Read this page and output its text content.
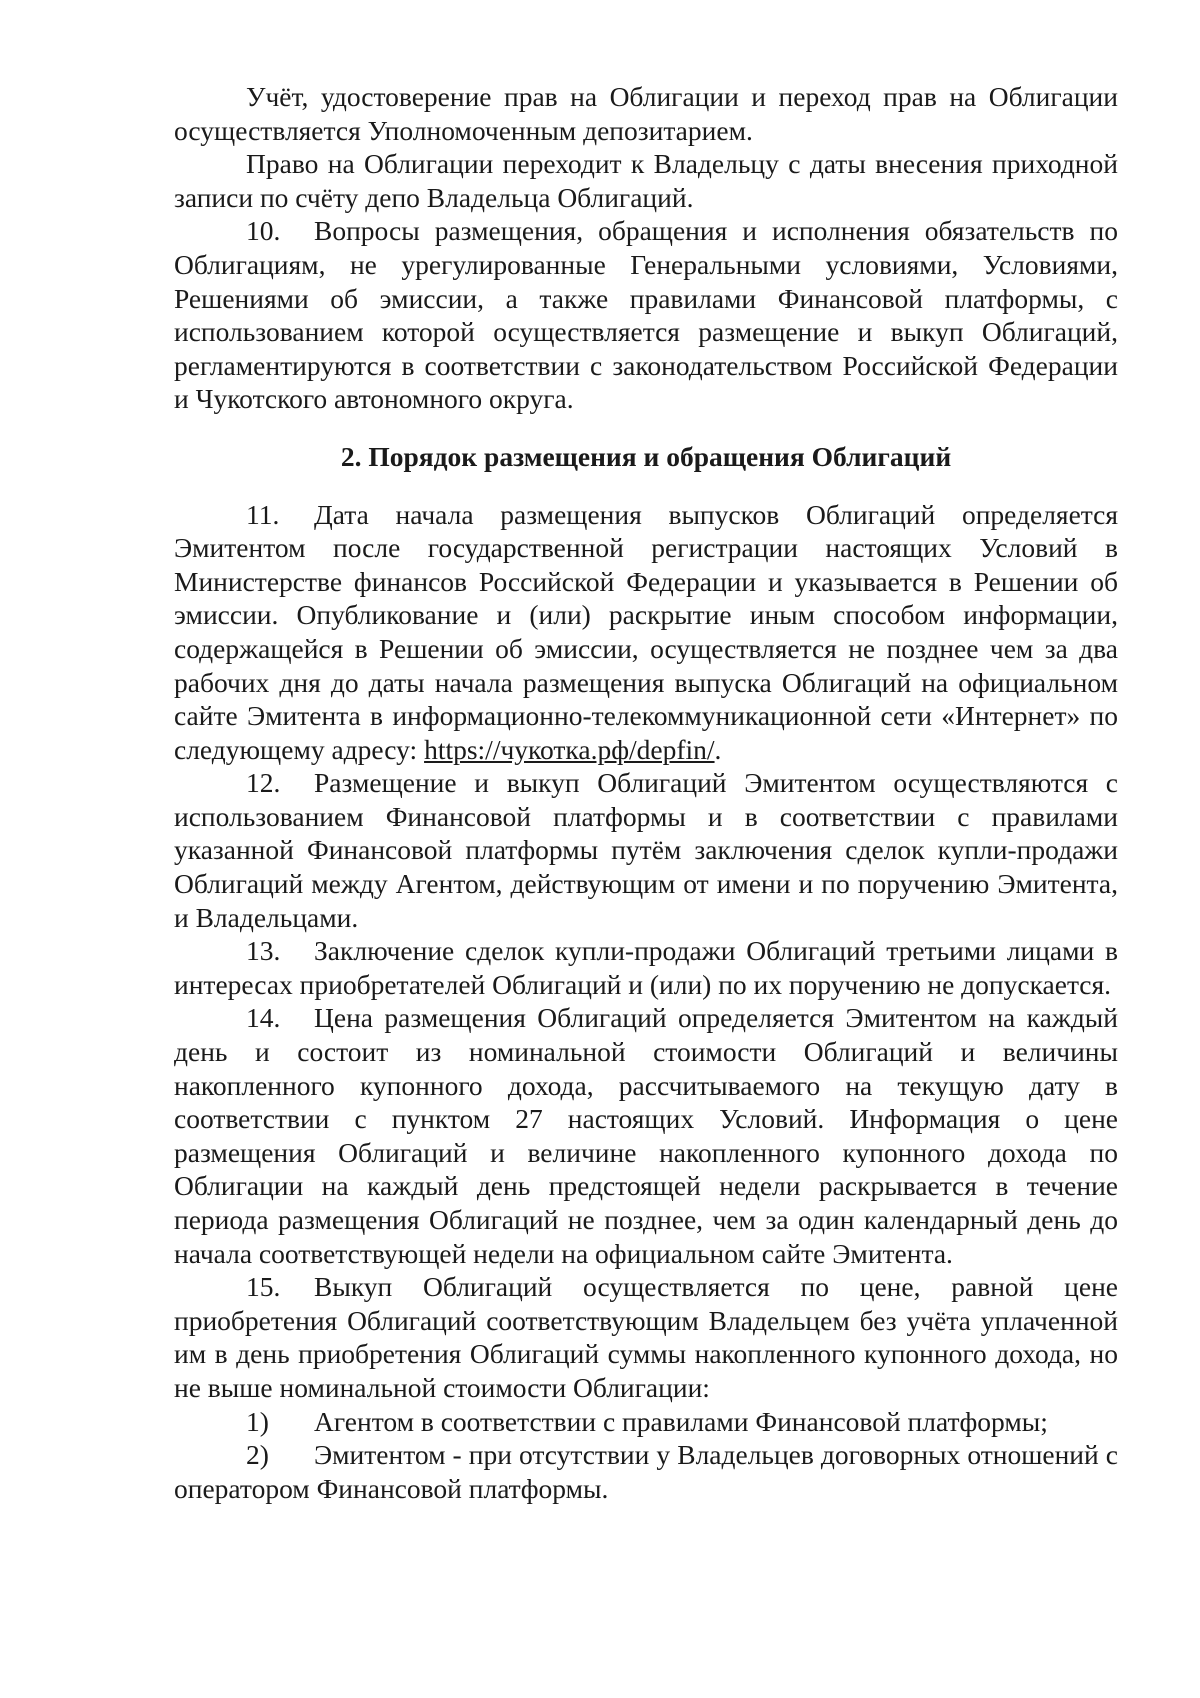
Учёт, удостоверение прав на Облигации и переход прав на Облигации осуществляется Уполномоченным депозитарием.

Право на Облигации переходит к Владельцу с даты внесения приходной записи по счёту депо Владельца Облигаций.

10. Вопросы размещения, обращения и исполнения обязательств по Облигациям, не урегулированные Генеральными условиями, Условиями, Решениями об эмиссии, а также правилами Финансовой платформы, с использованием которой осуществляется размещение и выкуп Облигаций, регламентируются в соответствии с законодательством Российской Федерации и Чукотского автономного округа.

2. Порядок размещения и обращения Облигаций

11. Дата начала размещения выпусков Облигаций определяется Эмитентом после государственной регистрации настоящих Условий в Министерстве финансов Российской Федерации и указывается в Решении об эмиссии. Опубликование и (или) раскрытие иным способом информации, содержащейся в Решении об эмиссии, осуществляется не позднее чем за два рабочих дня до даты начала размещения выпуска Облигаций на официальном сайте Эмитента в информационно-телекоммуникационной сети «Интернет» по следующему адресу: https://чукотка.рф/depfin/.

12. Размещение и выкуп Облигаций Эмитентом осуществляются с использованием Финансовой платформы и в соответствии с правилами указанной Финансовой платформы путём заключения сделок купли-продажи Облигаций между Агентом, действующим от имени и по поручению Эмитента, и Владельцами.

13. Заключение сделок купли-продажи Облигаций третьими лицами в интересах приобретателей Облигаций и (или) по их поручению не допускается.

14. Цена размещения Облигаций определяется Эмитентом на каждый день и состоит из номинальной стоимости Облигаций и величины накопленного купонного дохода, рассчитываемого на текущую дату в соответствии с пунктом 27 настоящих Условий. Информация о цене размещения Облигаций и величине накопленного купонного дохода по Облигации на каждый день предстоящей недели раскрывается в течение периода размещения Облигаций не позднее, чем за один календарный день до начала соответствующей недели на официальном сайте Эмитента.

15. Выкуп Облигаций осуществляется по цене, равной цене приобретения Облигаций соответствующим Владельцем без учёта уплаченной им в день приобретения Облигаций суммы накопленного купонного дохода, но не выше номинальной стоимости Облигации:

1) Агентом в соответствии с правилами Финансовой платформы;

2) Эмитентом - при отсутствии у Владельцев договорных отношений с оператором Финансовой платформы.
